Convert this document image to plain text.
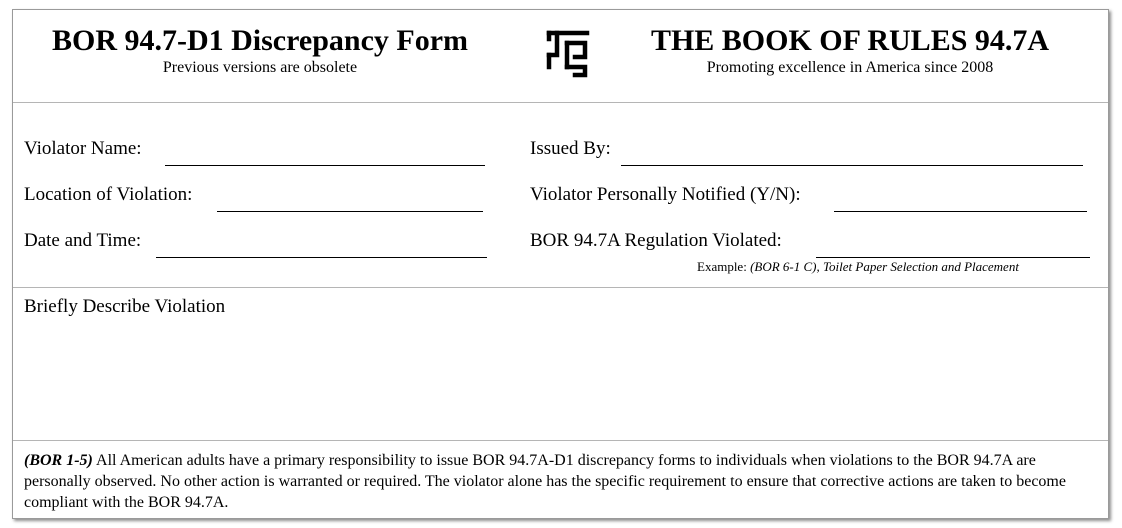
BOR 94.7-D1 Discrepancy Form
Previous versions are obsolete
THE BOOK OF RULES 94.7A
Promoting excellence in America since 2008
Violator Name:
Location of Violation:
Date and Time:
Issued By:
Violator Personally Notified (Y/N):
BOR 94.7A Regulation Violated:
Example: (BOR 6-1 C), Toilet Paper Selection and Placement
Briefly Describe Violation
(BOR 1-5) All American adults have a primary responsibility to issue BOR 94.7A-D1 discrepancy forms to individuals when violations to the BOR 94.7A are personally observed. No other action is warranted or required. The violator alone has the specific requirement to ensure that corrective actions are taken to become compliant with the BOR 94.7A.
